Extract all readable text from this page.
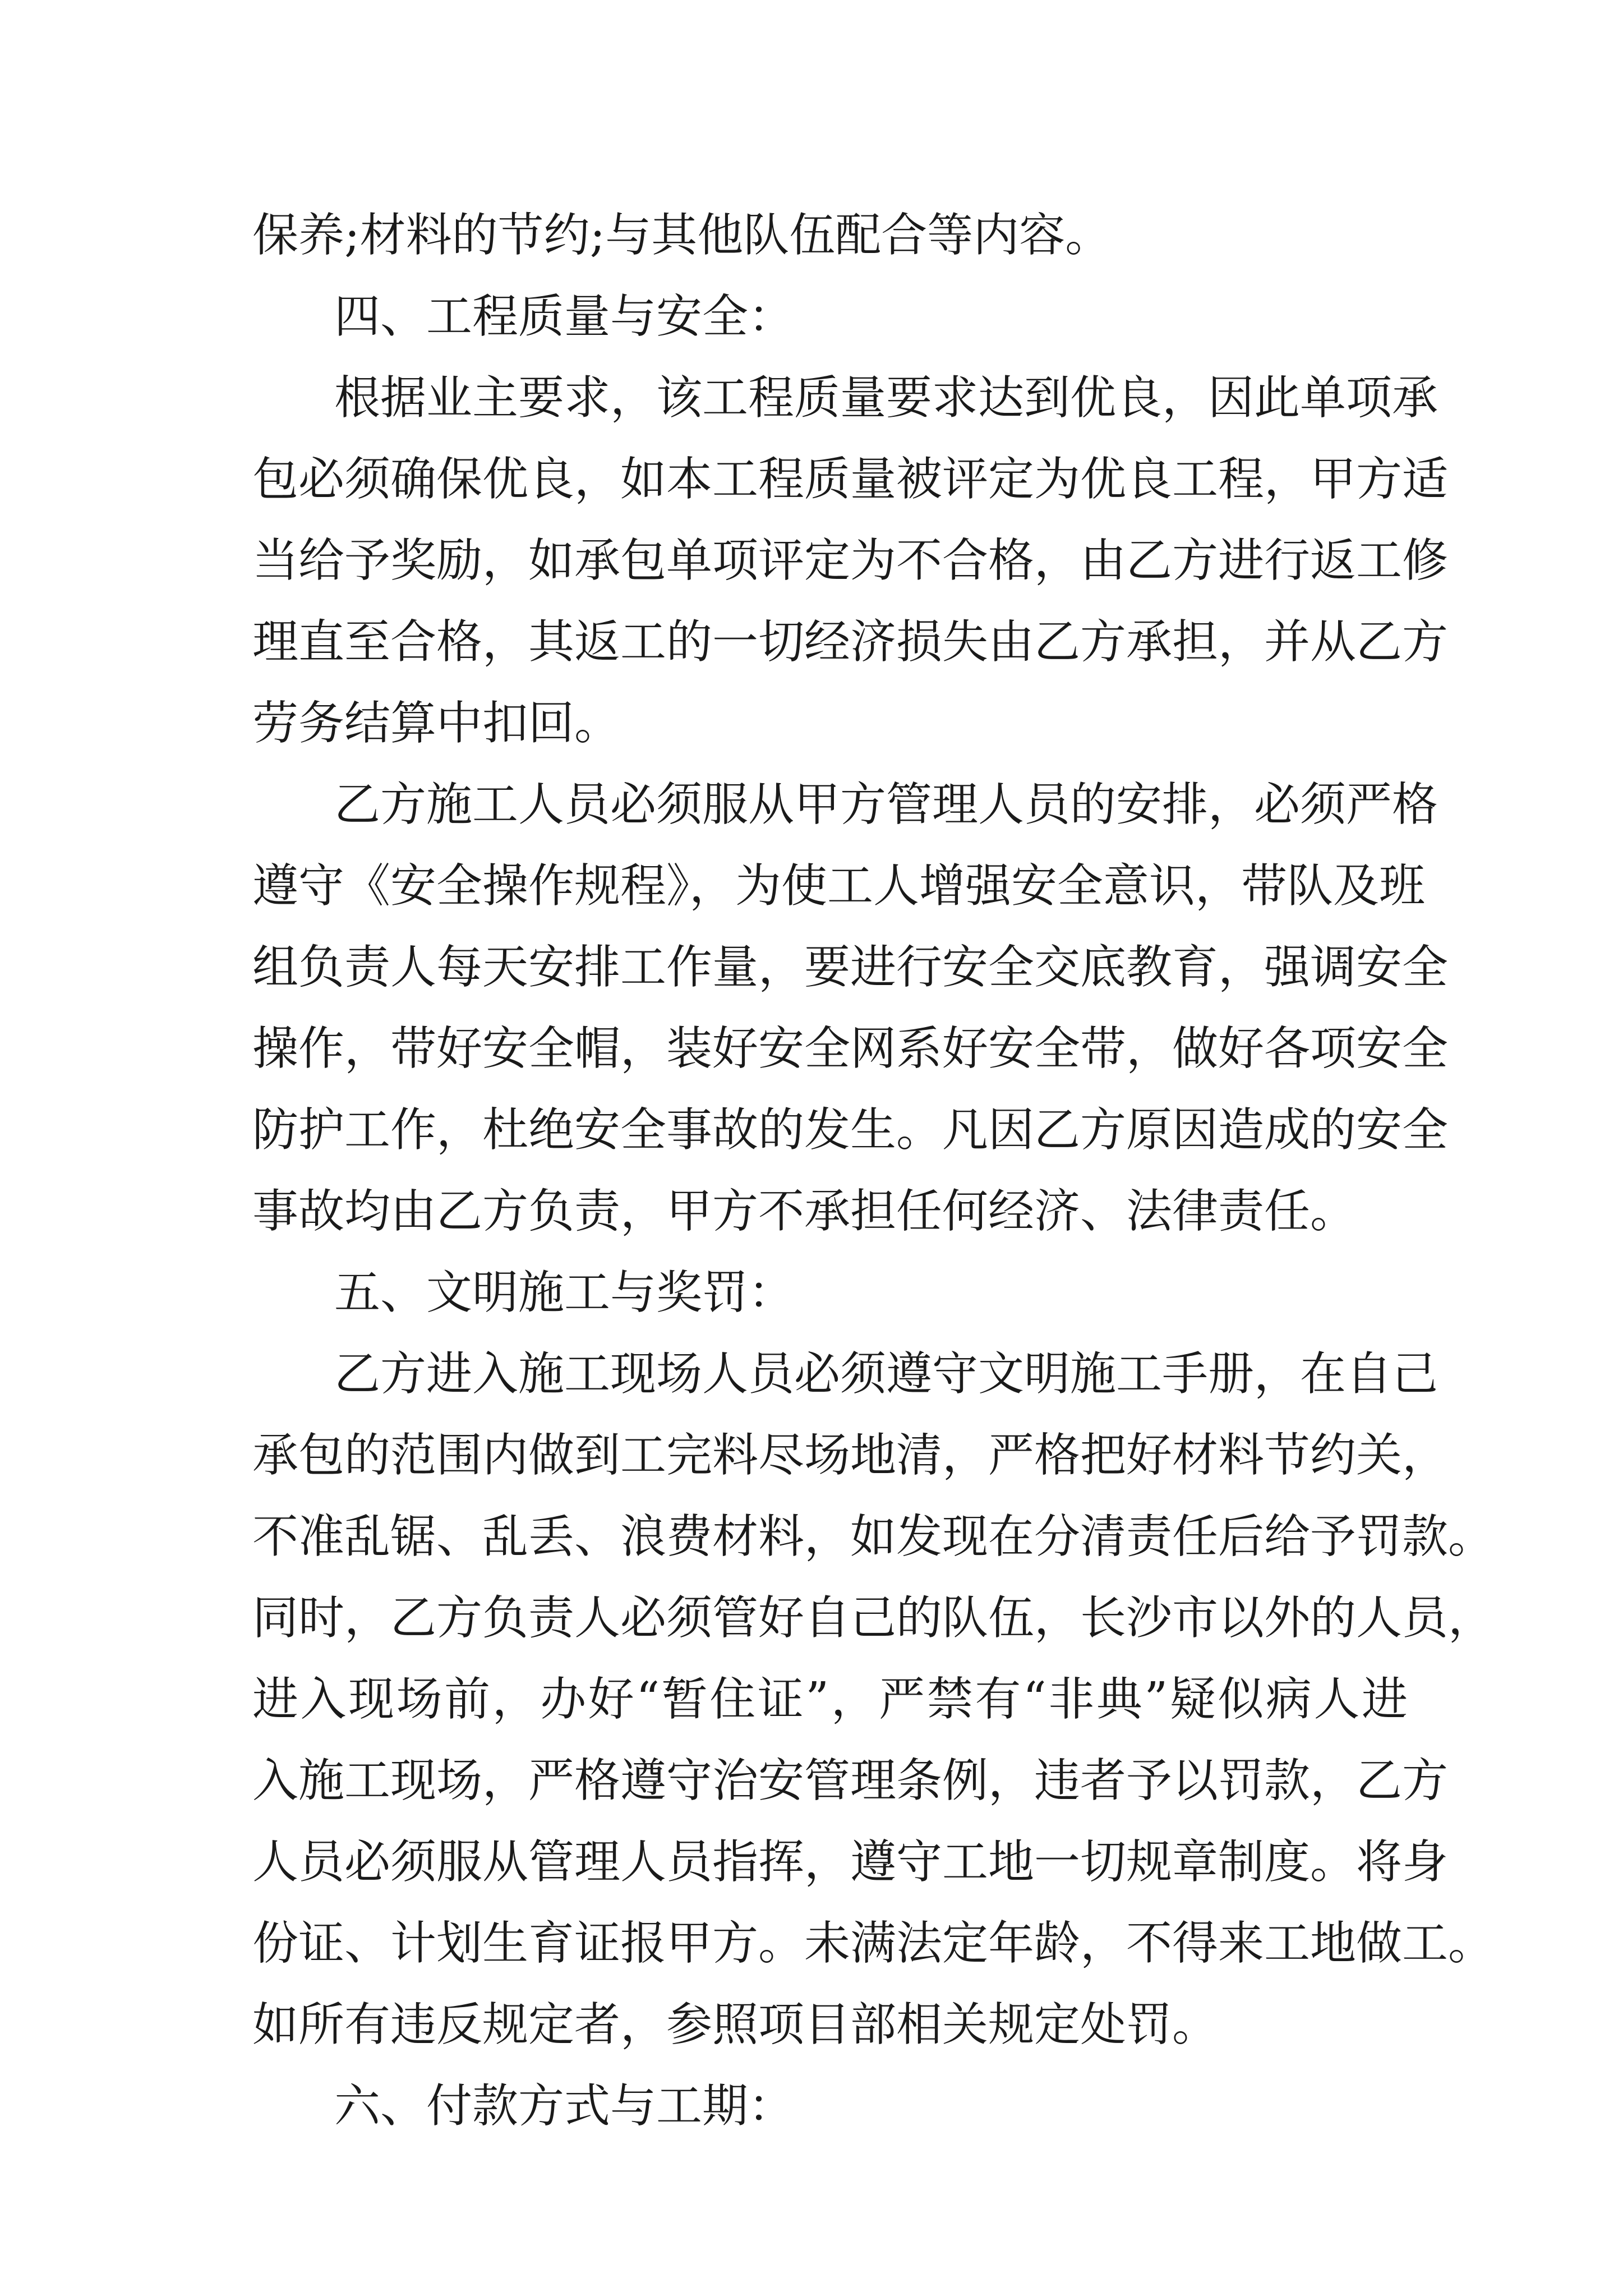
保养;材料的节约;与其他队伍配合等内容。

四、工程质量与安全：

根据业主要求，该工程质量要求达到优良，因此单项承

包必须确保优良，如本工程质量被评定为优良工程，甲方适

当给予奖励，如承包单项评定为不合格，由乙方进行返工修

理直至合格，其返工的一切经济损失由乙方承担，并从乙方

劳务结算中扣回。

乙方施工人员必须服从甲方管理人员的安排，必须严格

遵守《安全操作规程》，为使工人增强安全意识，带队及班

组负责人每天安排工作量，要进行安全交底教育，强调安全

操作，带好安全帽，装好安全网系好安全带，做好各项安全

防护工作，杜绝安全事故的发生。凡因乙方原因造成的安全

事故均由乙方负责，甲方不承担任何经济、法律责任。

五、文明施工与奖罚：

乙方进入施工现场人员必须遵守文明施工手册，在自己

承包的范围内做到工完料尽场地清，严格把好材料节约关，

不准乱锯、乱丢、浪费材料，如发现在分清责任后给予罚款。

同时，乙方负责人必须管好自己的队伍，长沙市以外的人员，

进入现场前，办好“暂住证”，严禁有“非典”疑似病人进

入施工现场，严格遵守治安管理条例，违者予以罚款，乙方

人员必须服从管理人员指挥，遵守工地一切规章制度。将身

份证、计划生育证报甲方。未满法定年龄，不得来工地做工。

如所有违反规定者，参照项目部相关规定处罚。

六、付款方式与工期：
